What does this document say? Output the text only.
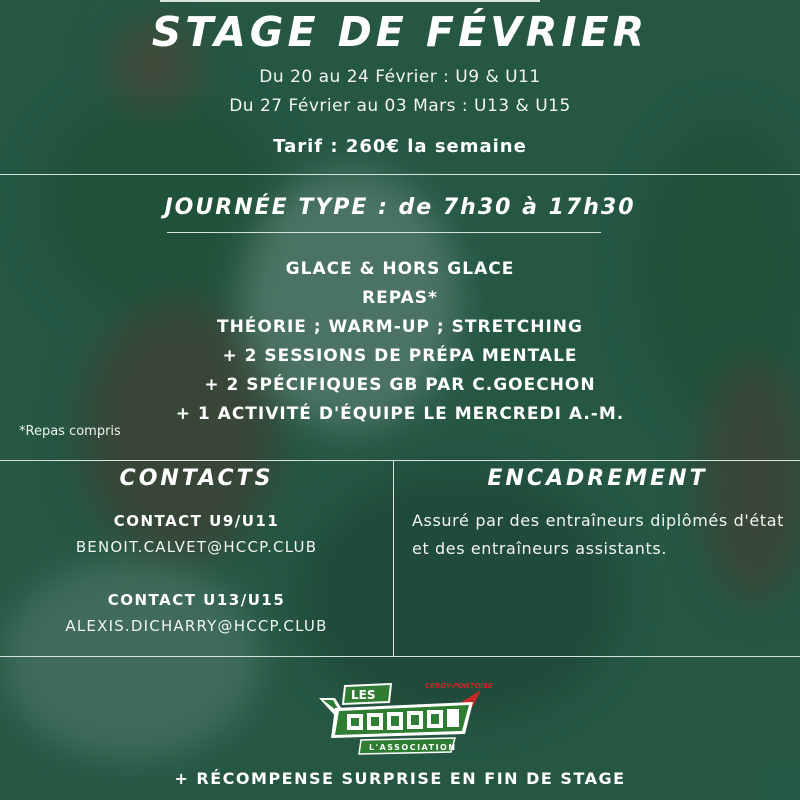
STAGE DE FÉVRIER
Du 20 au 24 Février : U9 & U11
Du 27 Février au 03 Mars : U13 & U15
Tarif : 260€ la semaine
JOURNÉE TYPE : de 7h30 à 17h30
GLACE & HORS GLACE
REPAS*
THÉORIE ; WARM-UP ; STRETCHING
+ 2 SESSIONS DE PRÉPA MENTALE
+ 2 SPÉCIFIQUES GB PAR C.GOECHON
+ 1 ACTIVITÉ D'ÉQUIPE LE MERCREDI A.-M.
*Repas compris
CONTACTS
CONTACT U9/U11
BENOIT.CALVET@HCCP.CLUB
CONTACT U13/U15
ALEXIS.DICHARRY@HCCP.CLUB
ENCADREMENT
Assuré par des entraîneurs diplômés d'état et des entraîneurs assistants.
CERGY-PONTOISE
LES
L'ASSOCIATION
+ RÉCOMPENSE SURPRISE EN FIN DE STAGE
